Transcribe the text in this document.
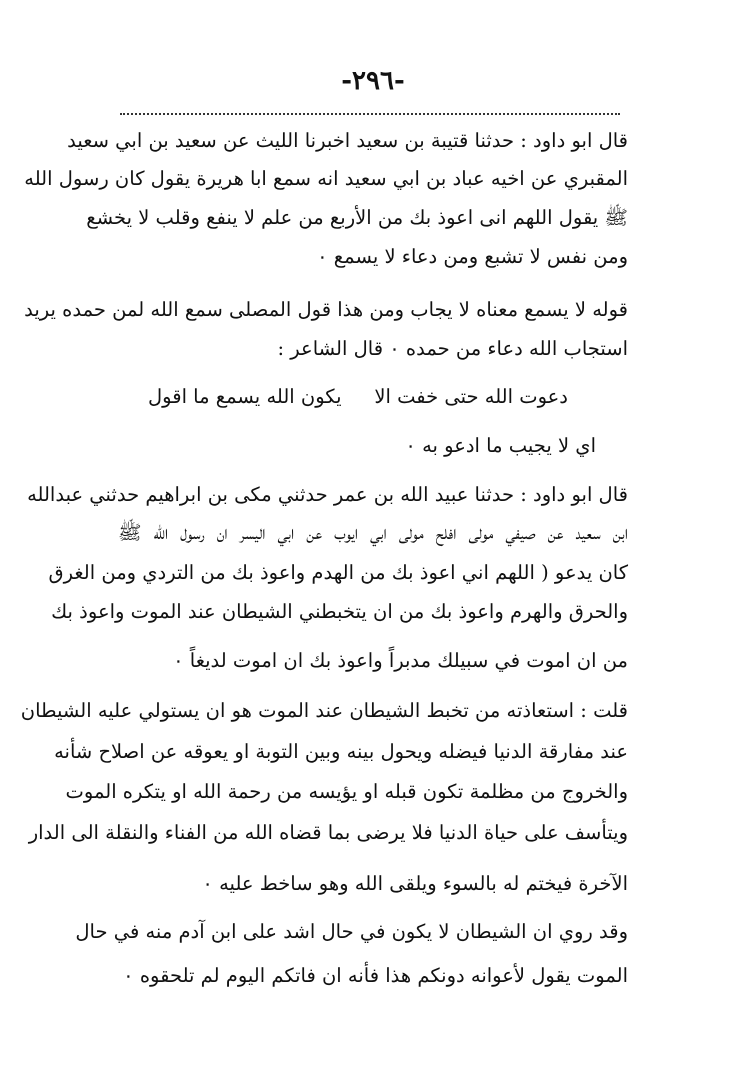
-٢٩٦-
قال ابو داود : حدثنا قتيبة بن سعيد اخبرنا الليث عن سعيد بن ابي سعيد
المقبري عن اخيه عباد بن ابي سعيد انه سمع ابا هريرة يقول كان رسول الله
ﷺ يقول اللهم انى اعوذ بك من الأربع من علم لا ينفع وقلب لا يخشع
ومن نفس لا تشبع ومن دعاء لا يسمع ٠
قوله لا يسمع معناه لا يجاب ومن هذا قول المصلى سمع الله لمن حمده يريد
استجاب الله دعاء من حمده ٠ قال الشاعر :
دعوت الله حتى خفت الا
يكون الله يسمع ما اقول
اي لا يجيب ما ادعو به ٠
قال ابو داود : حدثنا عبيد الله بن عمر حدثني مكى بن ابراهيم حدثني عبدالله
ابن سعيد عن صيفي مولى افلح مولى ابي ايوب عن ابي اليسر ان رسول الله ﷺ
كان يدعو ( اللهم اني اعوذ بك من الهدم واعوذ بك من التردي ومن الغرق
والحرق والهرم واعوذ بك من ان يتخبطني الشيطان عند الموت واعوذ بك
من ان اموت في سبيلك مدبراً واعوذ بك ان اموت لديغاً ٠
قلت : استعاذته من تخبط الشيطان عند الموت هو ان يستولي عليه الشيطان
عند مفارقة الدنيا فيضله ويحول بينه وبين التوبة او يعوقه عن اصلاح شأنه
والخروج من مظلمة تكون قبله او يؤيسه من رحمة الله او يتكره الموت
ويتأسف على حياة الدنيا فلا يرضى بما قضاه الله من الفناء والنقلة الى الدار
الآخرة فيختم له بالسوء ويلقى الله وهو ساخط عليه ٠
وقد روي ان الشيطان لا يكون في حال اشد على ابن آدم منه في حال
الموت يقول لأعوانه دونكم هذا فأنه ان فاتكم اليوم لم تلحقوه ٠
